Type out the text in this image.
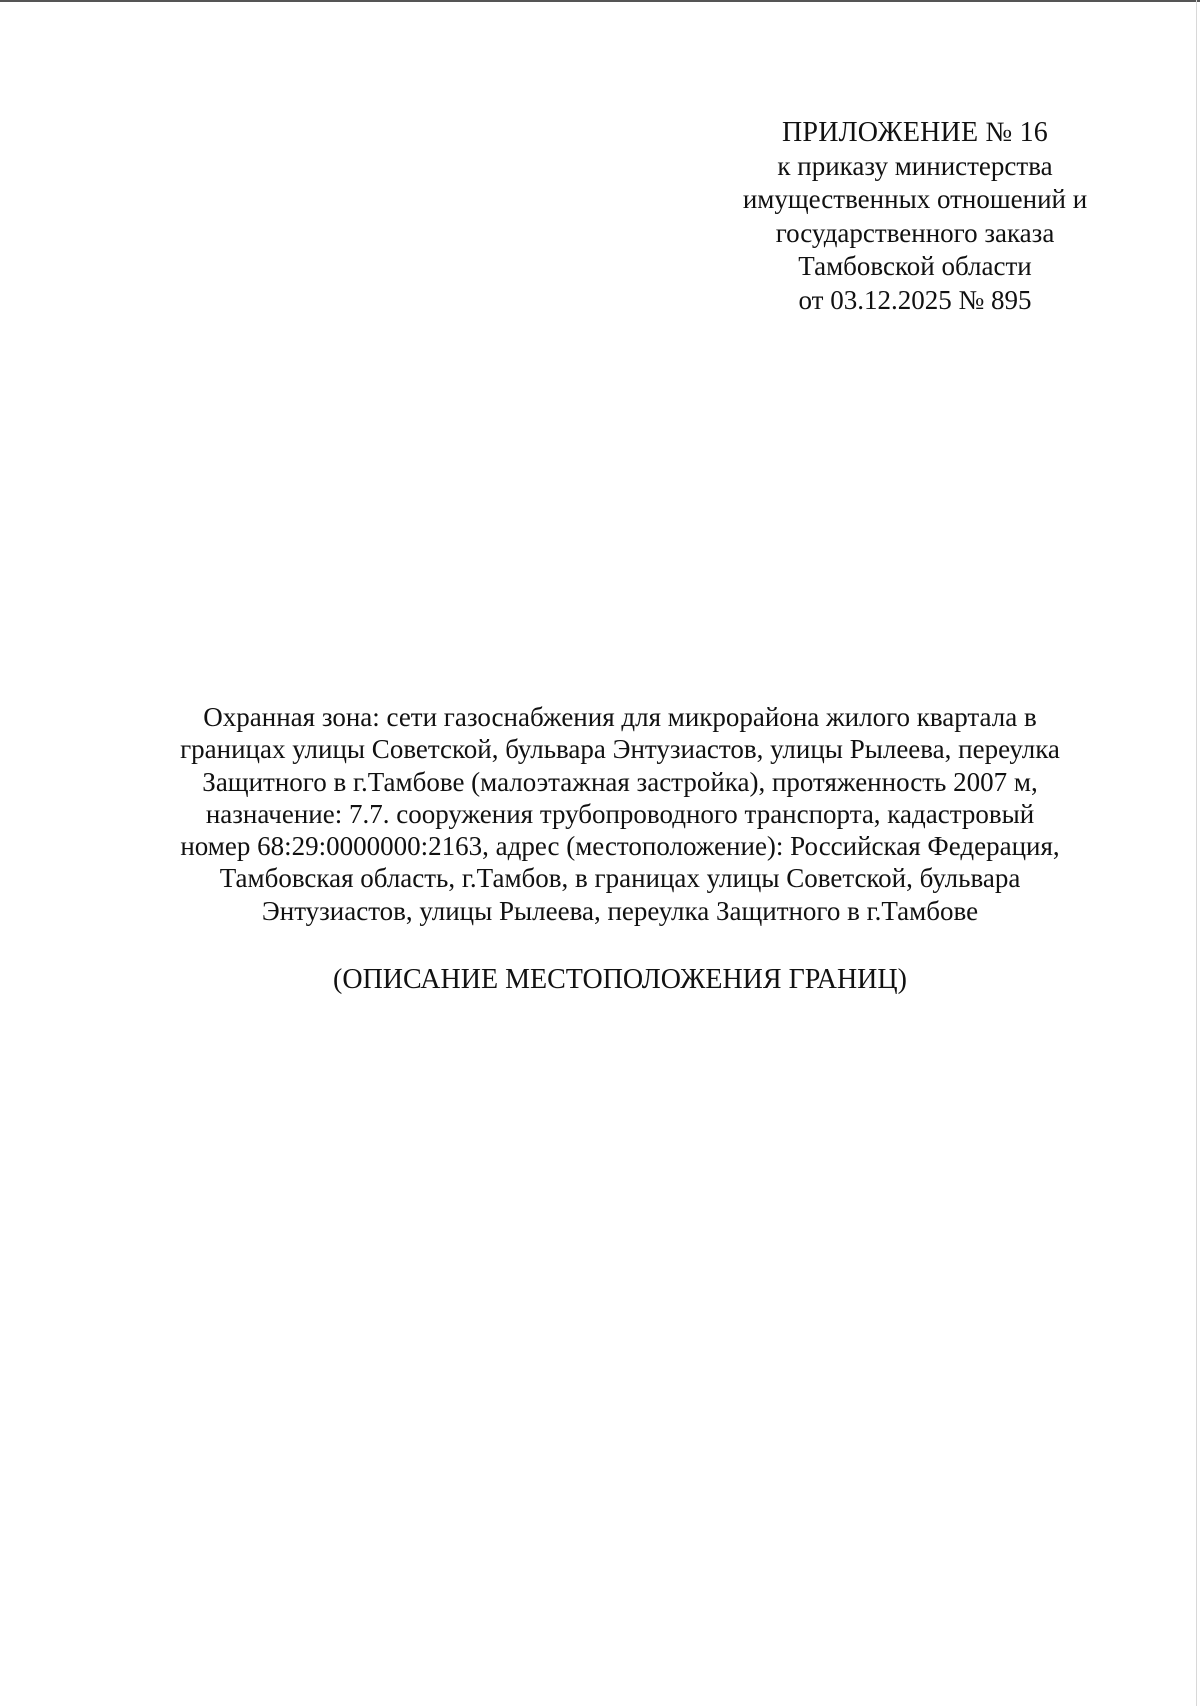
ПРИЛОЖЕНИЕ № 16
к приказу министерства
имущественных отношений и
государственного заказа
Тамбовской области
от 03.12.2025 № 895
Охранная зона: сети газоснабжения для микрорайона жилого квартала в
границах улицы Советской, бульвара Энтузиастов, улицы Рылеева, переулка
Защитного в г.Тамбове (малоэтажная застройка), протяженность 2007 м,
назначение: 7.7. сооружения трубопроводного транспорта, кадастровый
номер 68:29:0000000:2163, адрес (местоположение): Российская Федерация,
Тамбовская область, г.Тамбов, в границах улицы Советской, бульвара
Энтузиастов, улицы Рылеева, переулка Защитного в г.Тамбове
(ОПИСАНИЕ МЕСТОПОЛОЖЕНИЯ ГРАНИЦ)
